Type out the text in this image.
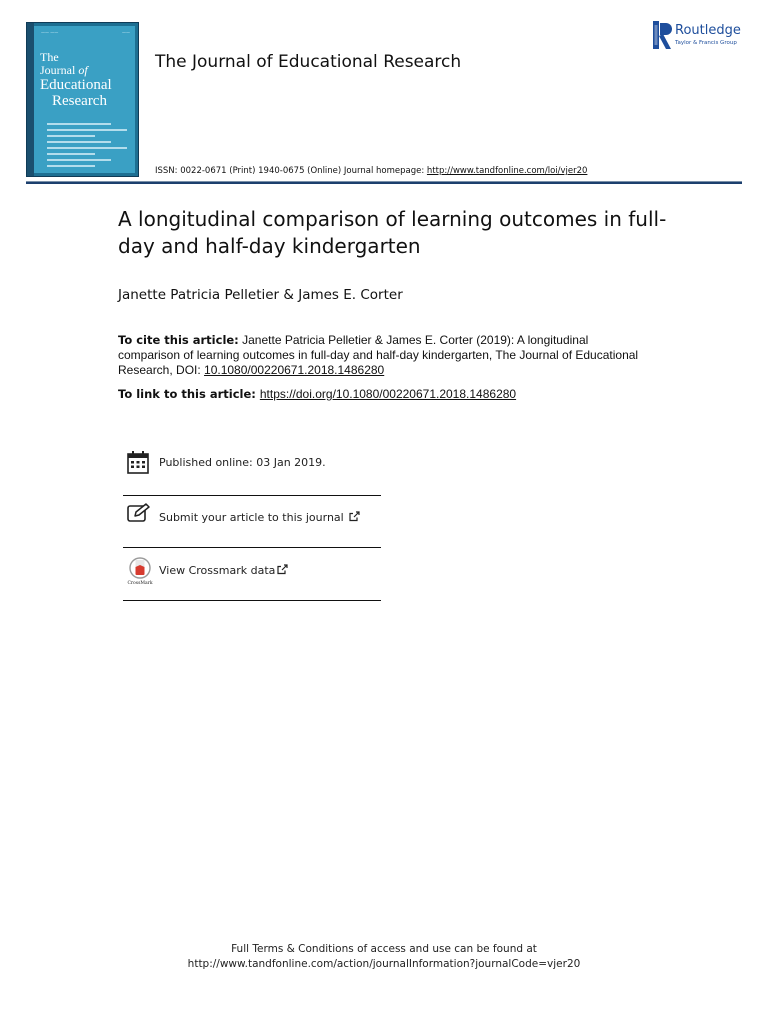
—— ——	——
The
Journal of
Educational
Research
The Journal of Educational Research
ISSN: 0022-0671 (Print) 1940-0675 (Online) Journal homepage: http://www.tandfonline.com/loi/vjer20
Routledge
Taylor & Francis Group
A longitudinal comparison of learning outcomes in full-day and half-day kindergarten
Janette Patricia Pelletier & James E. Corter
To cite this article: Janette Patricia Pelletier & James E. Corter (2019): A longitudinal comparison of learning outcomes in full-day and half-day kindergarten, The Journal of Educational Research, DOI: 10.1080/00220671.2018.1486280
To link to this article: https://doi.org/10.1080/00220671.2018.1486280
Published online: 03 Jan 2019.
Submit your article to this journal
CrossMark
View Crossmark data
Full Terms & Conditions of access and use can be found at
http://www.tandfonline.com/action/journalInformation?journalCode=vjer20
